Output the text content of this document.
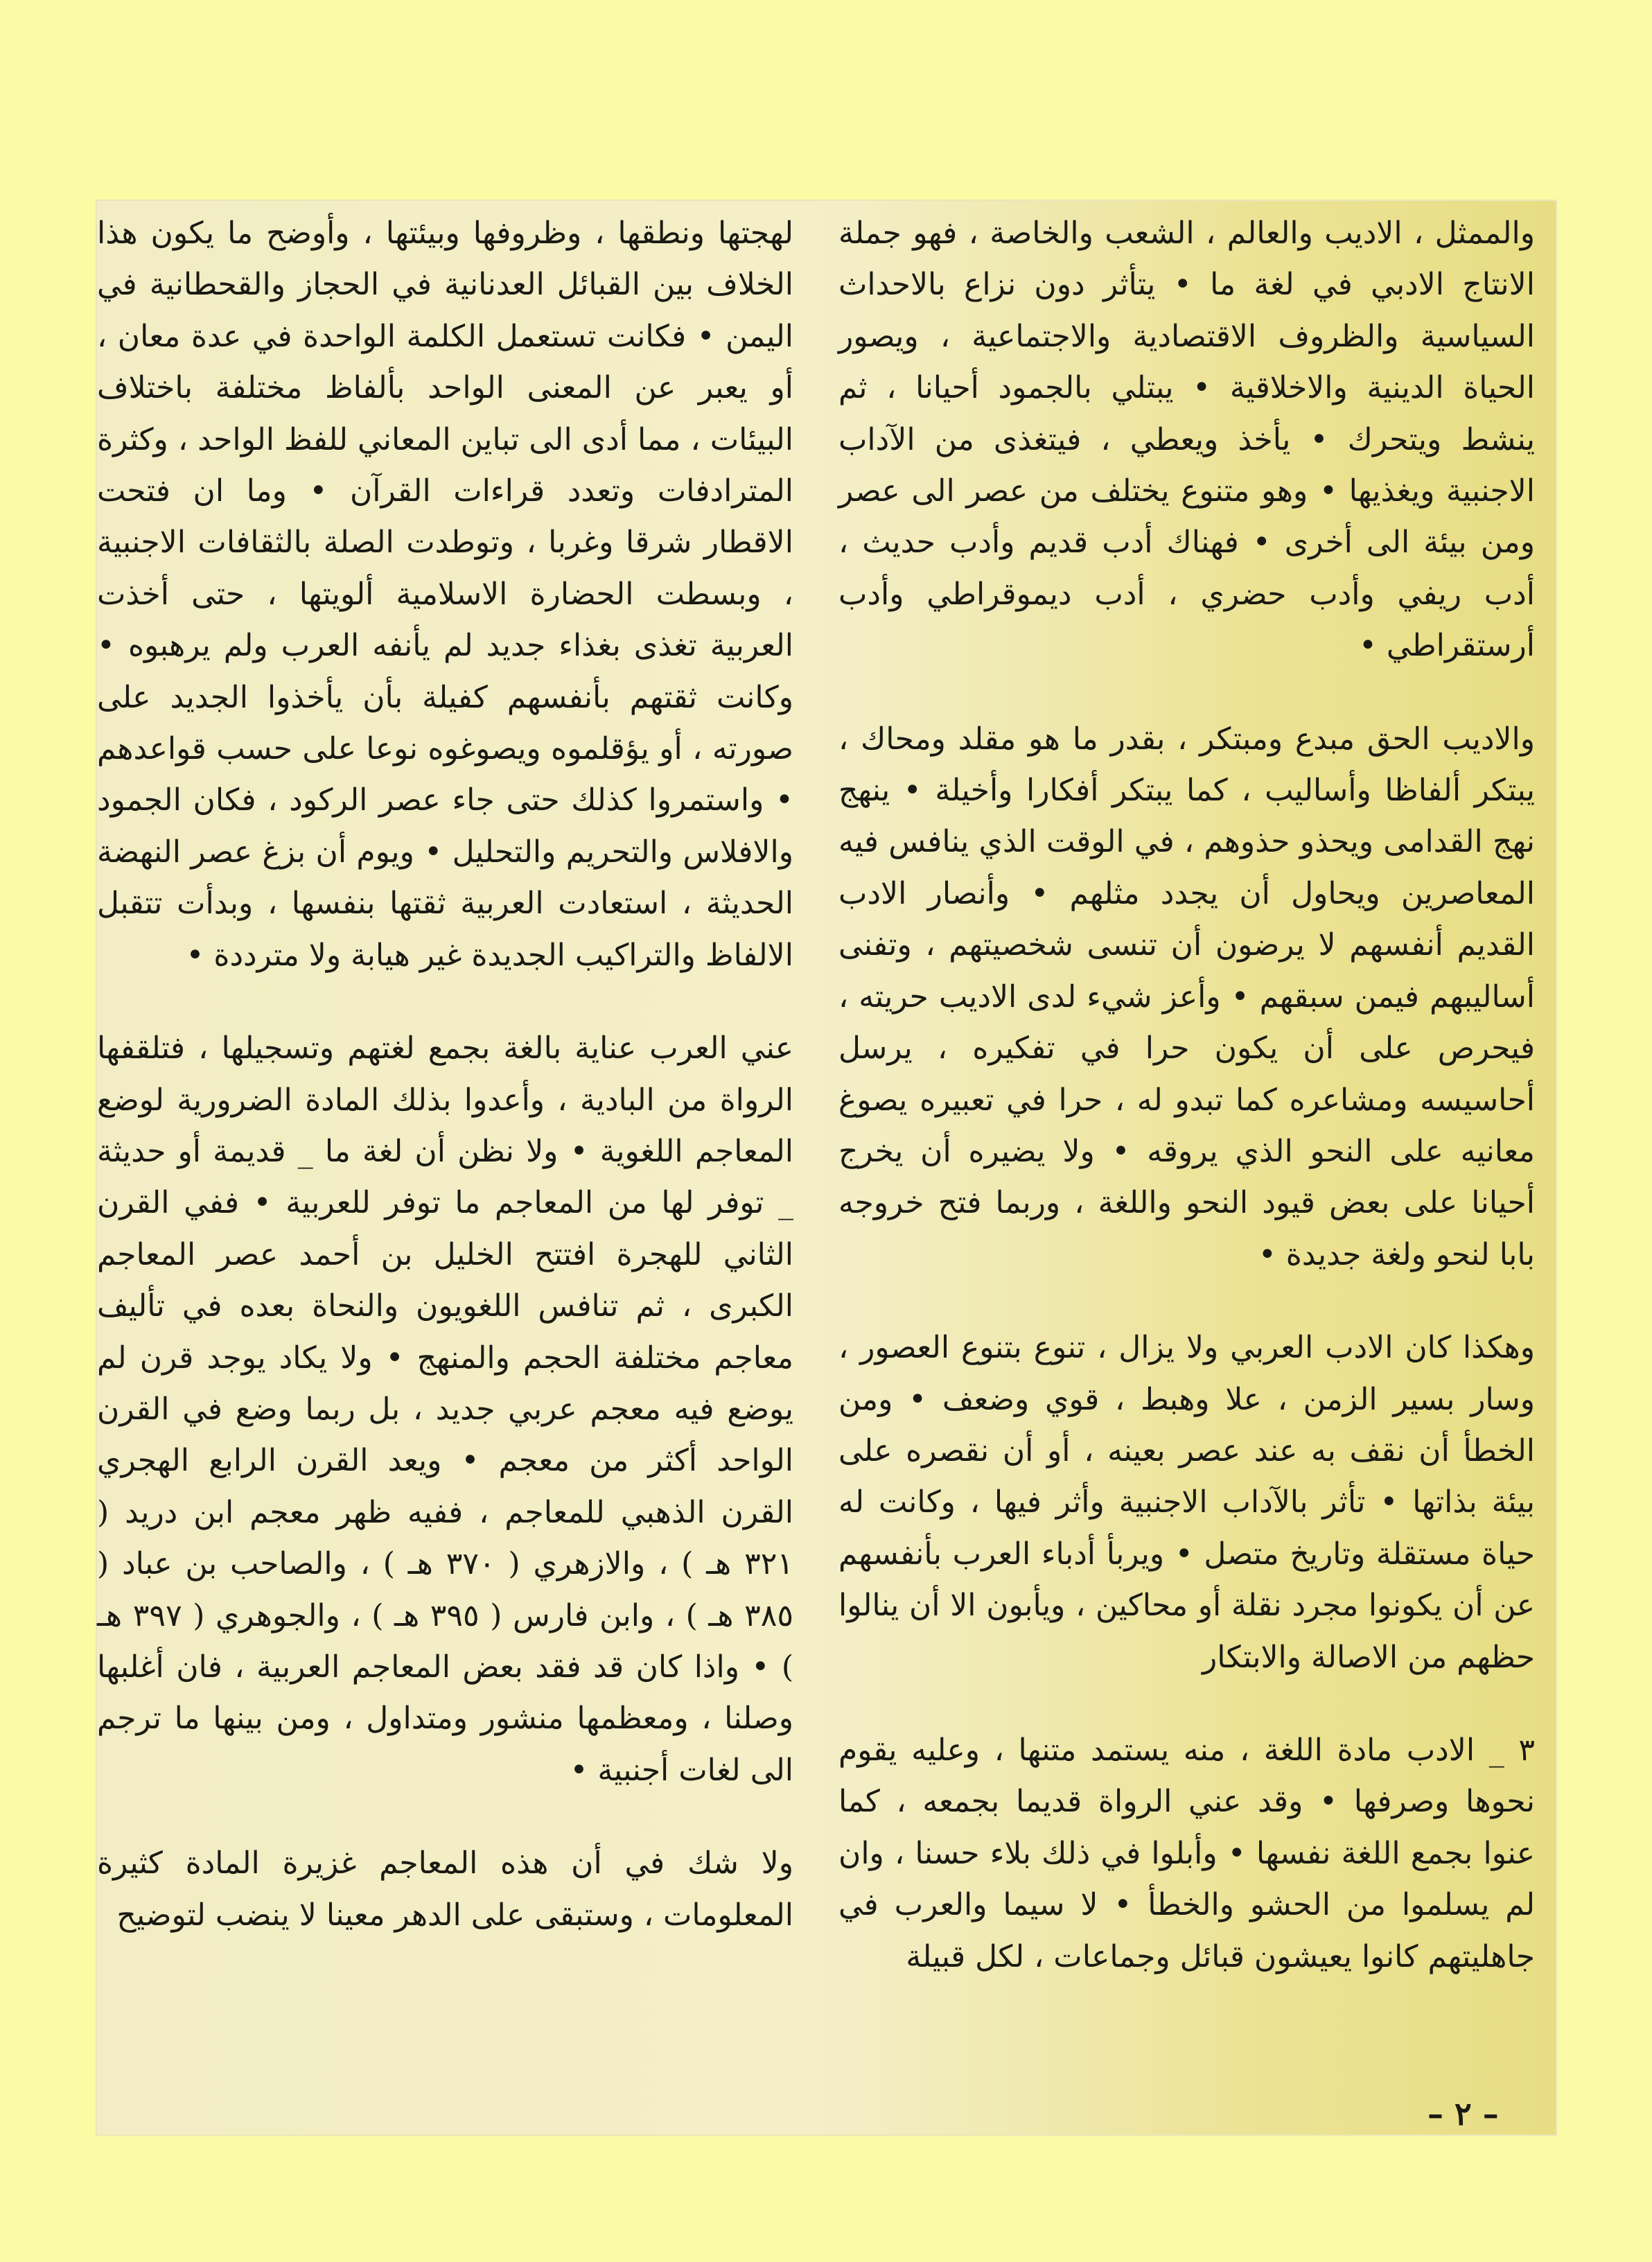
والممثل ، الاديب والعالم ، الشعب والخاصة ، فهو جملة الانتاج الادبي في لغة ما • يتأثر دون نزاع بالاحداث السياسية والظروف الاقتصادية والاجتماعية ، ويصور الحياة الدينية والاخلاقية • يبتلي بالجمود أحيانا ، ثم ينشط ويتحرك • يأخذ ويعطي ، فيتغذى من الآداب الاجنبية ويغذيها • وهو متنوع يختلف من عصر الى عصر ومن بيئة الى أخرى • فهناك أدب قديم وأدب حديث ، أدب ريفي وأدب حضري ، أدب ديموقراطي وأدب أرستقراطي •

والاديب الحق مبدع ومبتكر ، بقدر ما هو مقلد ومحاك ، يبتكر ألفاظا وأساليب ، كما يبتكر أفكارا وأخيلة • ينهج نهج القدامى ويحذو حذوهم ، في الوقت الذي ينافس فيه المعاصرين ويحاول أن يجدد مثلهم • وأنصار الادب القديم أنفسهم لا يرضون أن تنسى شخصيتهم ، وتفنى أساليبهم فيمن سبقهم • وأعز شيء لدى الاديب حريته ، فيحرص على أن يكون حرا في تفكيره ، يرسل أحاسيسه ومشاعره كما تبدو له ، حرا في تعبيره يصوغ معانيه على النحو الذي يروقه • ولا يضيره أن يخرج أحيانا على بعض قيود النحو واللغة ، وربما فتح خروجه بابا لنحو ولغة جديدة •

وهكذا كان الادب العربي ولا يزال ، تنوع بتنوع العصور ، وسار بسير الزمن ، علا وهبط ، قوي وضعف • ومن الخطأ أن نقف به عند عصر بعينه ، أو أن نقصره على بيئة بذاتها • تأثر بالآداب الاجنبية وأثر فيها ، وكانت له حياة مستقلة وتاريخ متصل • ويربأ أدباء العرب بأنفسهم عن أن يكونوا مجرد نقلة أو محاكين ، ويأبون الا أن ينالوا حظهم من الاصالة والابتكار

٣ _ الادب مادة اللغة ، منه يستمد متنها ، وعليه يقوم نحوها وصرفها • وقد عني الرواة قديما بجمعه ، كما عنوا بجمع اللغة نفسها • وأبلوا في ذلك بلاء حسنا ، وان لم يسلموا من الحشو والخطأ • لا سيما والعرب في جاهليتهم كانوا يعيشون قبائل وجماعات ، لكل قبيلة

لهجتها ونطقها ، وظروفها وبيئتها ، وأوضح ما يكون هذا الخلاف بين القبائل العدنانية في الحجاز والقحطانية في اليمن • فكانت تستعمل الكلمة الواحدة في عدة معان ، أو يعبر عن المعنى الواحد بألفاظ مختلفة باختلاف البيئات ، مما أدى الى تباين المعاني للفظ الواحد ، وكثرة المترادفات وتعدد قراءات القرآن • وما ان فتحت الاقطار شرقا وغربا ، وتوطدت الصلة بالثقافات الاجنبية ، وبسطت الحضارة الاسلامية ألويتها ، حتى أخذت العربية تغذى بغذاء جديد لم يأنفه العرب ولم يرهبوه • وكانت ثقتهم بأنفسهم كفيلة بأن يأخذوا الجديد على صورته ، أو يؤقلموه ويصوغوه نوعا على حسب قواعدهم • واستمروا كذلك حتى جاء عصر الركود ، فكان الجمود والافلاس والتحريم والتحليل • ويوم أن بزغ عصر النهضة الحديثة ، استعادت العربية ثقتها بنفسها ، وبدأت تتقبل الالفاظ والتراكيب الجديدة غير هيابة ولا مترددة •

عني العرب عناية بالغة بجمع لغتهم وتسجيلها ، فتلقفها الرواة من البادية ، وأعدوا بذلك المادة الضرورية لوضع المعاجم اللغوية • ولا نظن أن لغة ما _ قديمة أو حديثة _ توفر لها من المعاجم ما توفر للعربية • ففي القرن الثاني للهجرة افتتح الخليل بن أحمد عصر المعاجم الكبرى ، ثم تنافس اللغويون والنحاة بعده في تأليف معاجم مختلفة الحجم والمنهج • ولا يكاد يوجد قرن لم يوضع فيه معجم عربي جديد ، بل ربما وضع في القرن الواحد أكثر من معجم • ويعد القرن الرابع الهجري القرن الذهبي للمعاجم ، ففيه ظهر معجم ابن دريد ( ٣٢١ هـ ) ، والازهري ( ٣٧٠ هـ ) ، والصاحب بن عباد ( ٣٨٥ هـ ) ، وابن فارس ( ٣٩٥ هـ ) ، والجوهري ( ٣٩٧ هـ ) • واذا كان قد فقد بعض المعاجم العربية ، فان أغلبها وصلنا ، ومعظمها منشور ومتداول ، ومن بينها ما ترجم الى لغات أجنبية •

ولا شك في أن هذه المعاجم غزيرة المادة كثيرة المعلومات ، وستبقى على الدهر معينا لا ينضب لتوضيح

– ٢ –
